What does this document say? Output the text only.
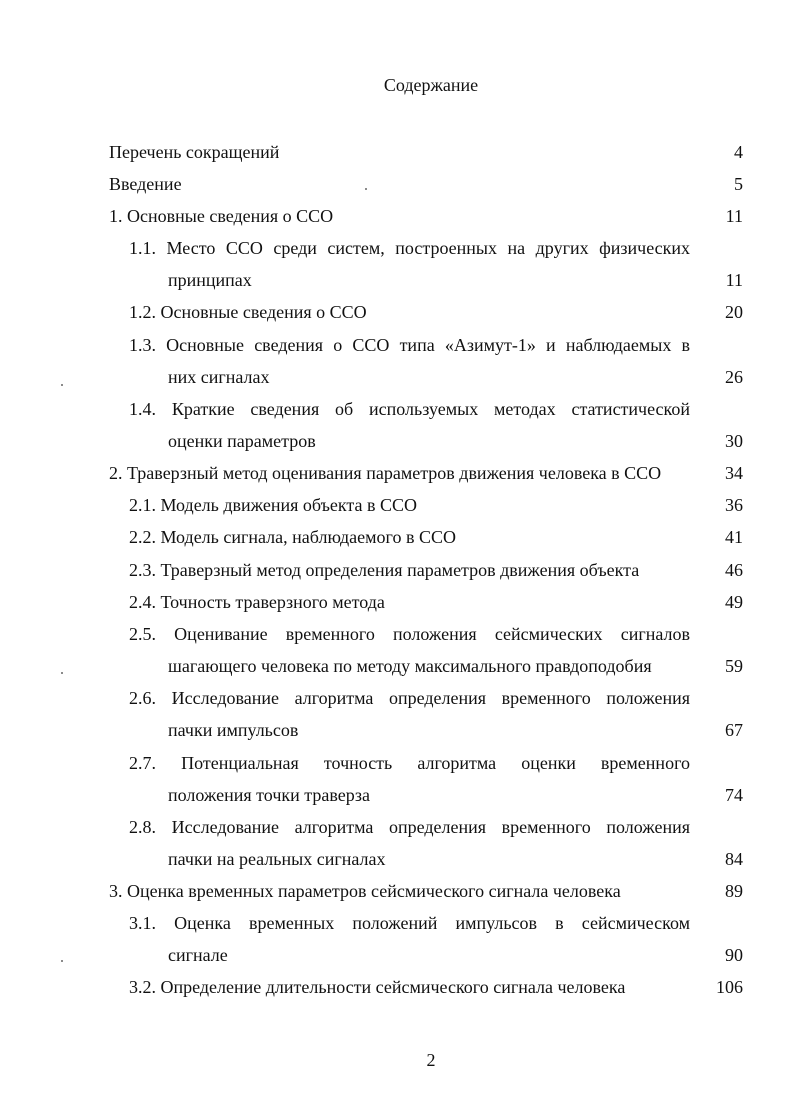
Содержание
Перечень сокращений	4
Введение	5
1. Основные сведения о ССО	11
1.1. Место ССО среди систем, построенных на других физических
принципах	11
1.2. Основные сведения о ССО	20
1.3. Основные сведения о ССО типа «Азимут-1» и наблюдаемых в
них сигналах	26
1.4. Краткие сведения об используемых методах статистической
оценки параметров	30
2. Траверзный метод оценивания параметров движения человека в ССО	34
2.1. Модель движения объекта в ССО	36
2.2. Модель сигнала, наблюдаемого в ССО	41
2.3. Траверзный метод определения параметров движения объекта	46
2.4. Точность траверзного метода	49
2.5. Оценивание временного положения сейсмических сигналов
шагающего человека по методу максимального правдоподобия	59
2.6. Исследование алгоритма определения временного положения
пачки импульсов	67
2.7. Потенциальная точность алгоритма оценки временного
положения точки траверза	74
2.8. Исследование алгоритма определения временного положения
пачки на реальных сигналах	84
3. Оценка временных параметров сейсмического сигнала человека	89
3.1. Оценка временных положений импульсов в сейсмическом
сигнале	90
3.2. Определение длительности сейсмического сигнала человека	106
2
